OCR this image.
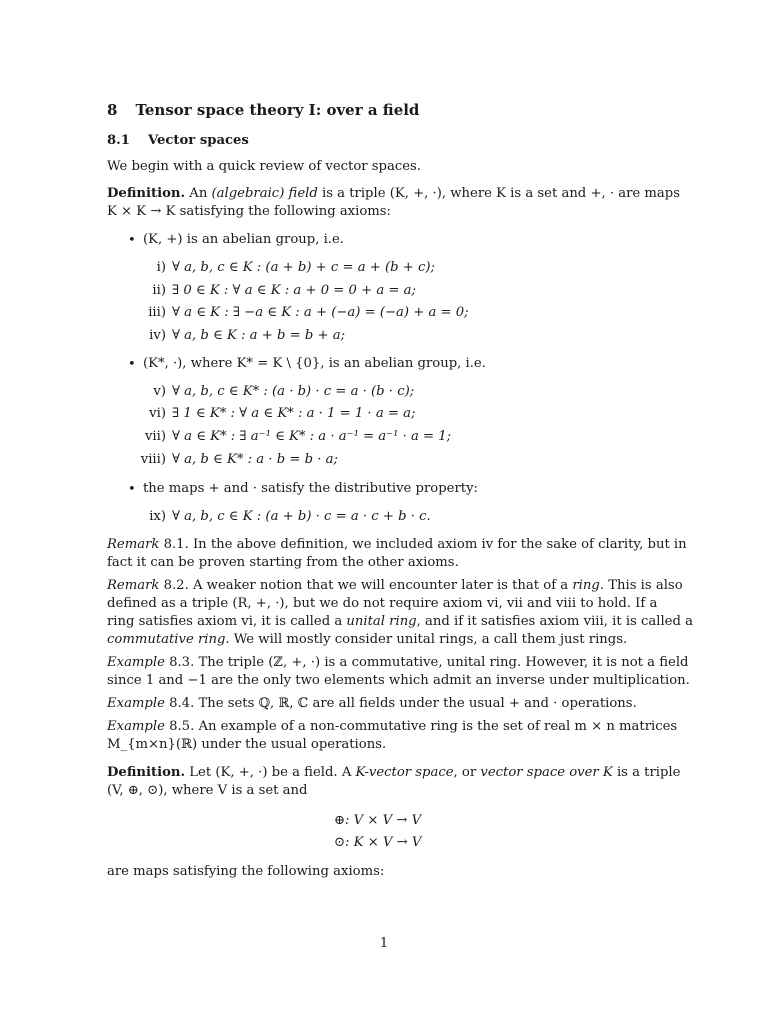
8 Tensor space theory I: over a field
8.1 Vector spaces
We begin with a quick review of vector spaces.
Definition. An (algebraic) field is a triple (K, +, ·), where K is a set and +, · are maps
K × K → K satisfying the following axioms:
• (K, +) is an abelian group, i.e.
i) ∀ a, b, c ∈ K : (a + b) + c = a + (b + c);
ii) ∃ 0 ∈ K : ∀ a ∈ K : a + 0 = 0 + a = a;
iii) ∀ a ∈ K : ∃ −a ∈ K : a + (−a) = (−a) + a = 0;
iv) ∀ a, b ∈ K : a + b = b + a;
• (K*, ·), where K* = K \ {0}, is an abelian group, i.e.
v) ∀ a, b, c ∈ K* : (a · b) · c = a · (b · c);
vi) ∃ 1 ∈ K* : ∀ a ∈ K* : a · 1 = 1 · a = a;
vii) ∀ a ∈ K* : ∃ a⁻¹ ∈ K* : a · a⁻¹ = a⁻¹ · a = 1;
viii) ∀ a, b ∈ K* : a · b = b · a;
• the maps + and · satisfy the distributive property:
ix) ∀ a, b, c ∈ K : (a + b) · c = a · c + b · c.
Remark 8.1. In the above definition, we included axiom iv for the sake of clarity, but in
fact it can be proven starting from the other axioms.
Remark 8.2. A weaker notion that we will encounter later is that of a ring. This is also
defined as a triple (R, +, ·), but we do not require axiom vi, vii and viii to hold. If a
ring satisfies axiom vi, it is called a unital ring, and if it satisfies axiom viii, it is called a
commutative ring. We will mostly consider unital rings, a call them just rings.
Example 8.3. The triple (ℤ, +, ·) is a commutative, unital ring. However, it is not a field
since 1 and −1 are the only two elements which admit an inverse under multiplication.
Example 8.4. The sets ℚ, ℝ, ℂ are all fields under the usual + and · operations.
Example 8.5. An example of a non-commutative ring is the set of real m × n matrices
M_{m×n}(ℝ) under the usual operations.
Definition. Let (K, +, ·) be a field. A K-vector space, or vector space over K is a triple
(V, ⊕, ⊙), where V is a set and
⊕: V × V → V
⊙: K × V → V
are maps satisfying the following axioms:
1
